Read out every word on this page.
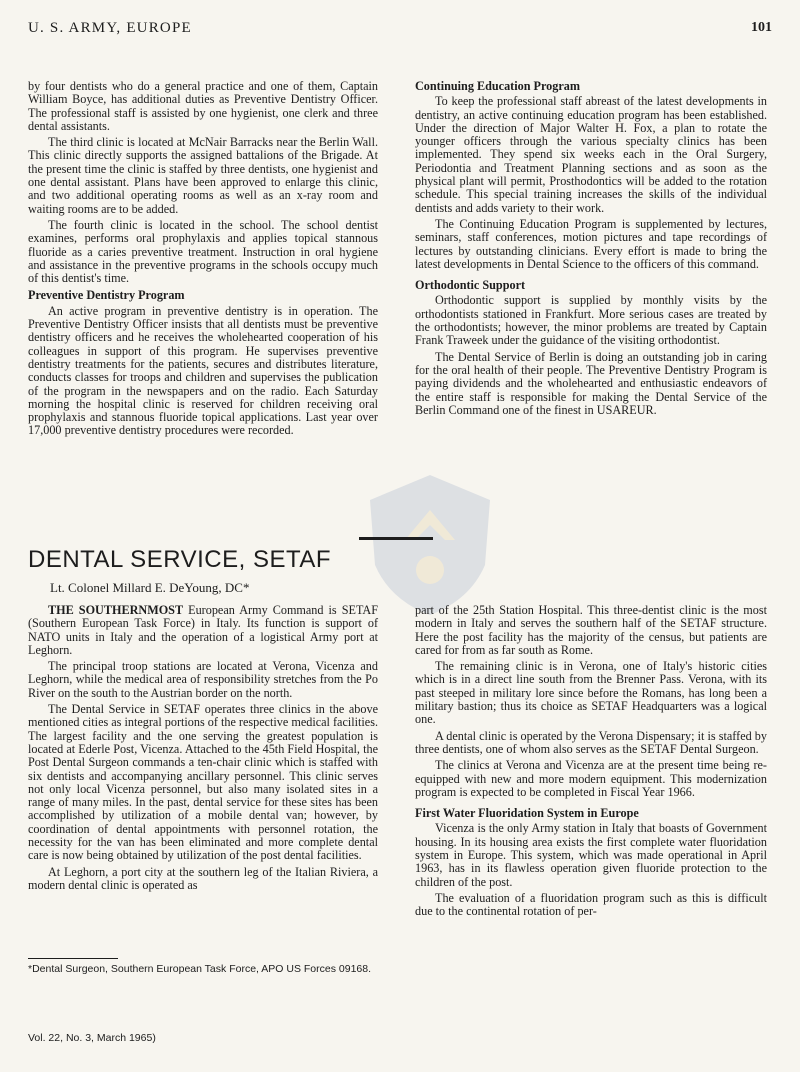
U. S. ARMY, EUROPE	101

by four dentists who do a general practice and one of them, Captain William Boyce, has additional duties as Preventive Dentistry Officer. The professional staff is assisted by one hygienist, one clerk and three dental assistants.

The third clinic is located at McNair Barracks near the Berlin Wall. This clinic directly supports the assigned battalions of the Brigade. At the present time the clinic is staffed by three dentists, one hygienist and one dental assistant. Plans have been approved to enlarge this clinic, and two additional operating rooms as well as an x-ray room and waiting rooms are to be added.

The fourth clinic is located in the school. The school dentist examines, performs oral prophylaxis and applies topical stannous fluoride as a caries preventive treatment. Instruction in oral hygiene and assistance in the preventive programs in the schools occupy much of this dentist's time.

Preventive Dentistry Program

An active program in preventive dentistry is in operation. The Preventive Dentistry Officer insists that all dentists must be preventive dentistry officers and he receives the wholehearted cooperation of his colleagues in support of this program. He supervises preventive dentistry treatments for the patients, secures and distributes literature, conducts classes for troops and children and supervises the publication of the program in the newspapers and on the radio. Each Saturday morning the hospital clinic is reserved for children receiving oral prophylaxis and stannous fluoride topical applications. Last year over 17,000 preventive dentistry procedures were recorded.

Continuing Education Program

To keep the professional staff abreast of the latest developments in dentistry, an active continuing education program has been established. Under the direction of Major Walter H. Fox, a plan to rotate the younger officers through the various specialty clinics has been implemented. They spend six weeks each in the Oral Surgery, Periodontia and Treatment Planning sections and as soon as the physical plant will permit, Prosthodontics will be added to the rotation schedule. This special training increases the skills of the individual dentists and adds variety to their work.

The Continuing Education Program is supplemented by lectures, seminars, staff conferences, motion pictures and tape recordings of lectures by outstanding clinicians. Every effort is made to bring the latest developments in Dental Science to the officers of this command.

Orthodontic Support

Orthodontic support is supplied by monthly visits by the orthodontists stationed in Frankfurt. More serious cases are treated by the orthodontists; however, the minor problems are treated by Captain Frank Traweek under the guidance of the visiting orthodontist.

The Dental Service of Berlin is doing an outstanding job in caring for the oral health of their people. The Preventive Dentistry Program is paying dividends and the wholehearted and enthusiastic endeavors of the entire staff is responsible for making the Dental Service of the Berlin Command one of the finest in USAREUR.

DENTAL SERVICE, SETAF
Lt. Colonel Millard E. DeYoung, DC*

THE SOUTHERNMOST European Army Command is SETAF (Southern European Task Force) in Italy. Its function is support of NATO units in Italy and the operation of a logistical Army port at Leghorn.

The principal troop stations are located at Verona, Vicenza and Leghorn, while the medical area of responsibility stretches from the Po River on the south to the Austrian border on the north.

The Dental Service in SETAF operates three clinics in the above mentioned cities as integral portions of the respective medical facilities. The largest facility and the one serving the greatest population is located at Ederle Post, Vicenza. Attached to the 45th Field Hospital, the Post Dental Surgeon commands a ten-chair clinic which is staffed with six dentists and accompanying ancillary personnel. This clinic serves not only local Vicenza personnel, but also many isolated sites in a range of many miles. In the past, dental service for these sites has been accomplished by utilization of a mobile dental van; however, by coordination of dental appointments with personnel rotation, the necessity for the van has been eliminated and more complete dental care is now being obtained by utilization of the post dental facilities.

At Leghorn, a port city at the southern leg of the Italian Riviera, a modern dental clinic is operated as

*Dental Surgeon, Southern European Task Force, APO US Forces 09168.

part of the 25th Station Hospital. This three-dentist clinic is the most modern in Italy and serves the southern half of the SETAF structure. Here the post facility has the majority of the census, but patients are cared for from as far south as Rome.

The remaining clinic is in Verona, one of Italy's historic cities which is in a direct line south from the Brenner Pass. Verona, with its past steeped in military lore since before the Romans, has long been a military bastion; thus its choice as SETAF Headquarters was a logical one.

A dental clinic is operated by the Verona Dispensary; it is staffed by three dentists, one of whom also serves as the SETAF Dental Surgeon.

The clinics at Verona and Vicenza are at the present time being re-equipped with new and more modern equipment. This modernization program is expected to be completed in Fiscal Year 1966.

First Water Fluoridation System in Europe

Vicenza is the only Army station in Italy that boasts of Government housing. In its housing area exists the first complete water fluoridation system in Europe. This system, which was made operational in April 1963, has in its flawless operation given fluoride protection to the children of the post.

The evaluation of a fluoridation program such as this is difficult due to the continental rotation of per-

Vol. 22, No. 3, March 1965)
